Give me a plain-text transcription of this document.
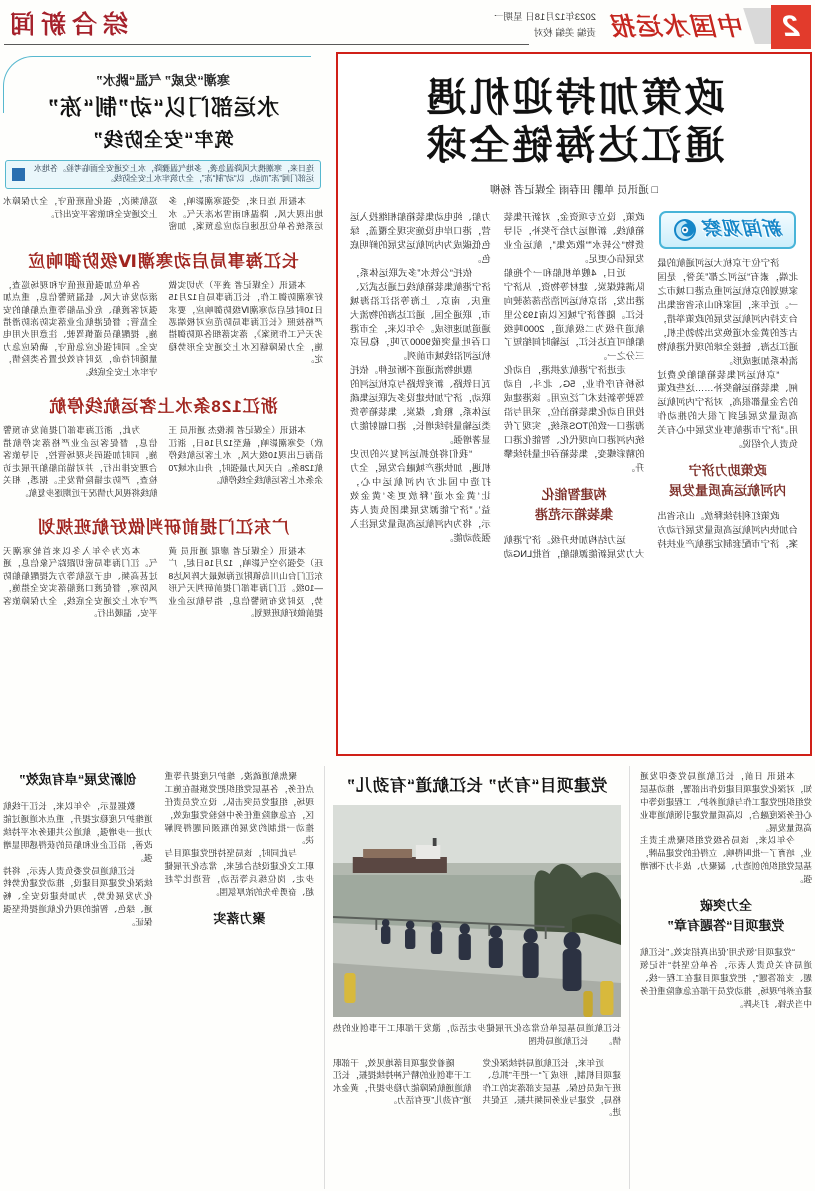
2
中国水运报
2023年12月18日 星期一
责编 美编 校对
综合新闻
政策加持迎机遇
通江达海链全球
□ 通讯员 单鹏 田春雨 全媒记者 杨柳
新闻观察

济宁位于京杭大运河通航的最北端，素有“运河之都”美誉，是国家规划的京杭运河重点港口城市之一。近年来，国家和山东省密集出台支持内河航运发展的政策举措，古老的黄金水道焕发出勃勃生机，通江达海、链接全球的现代港航物流体系加速成形。

“京杭运河集装箱船舶免费过闸、集装箱运输奖补……这些政策的含金量都很高，对济宁内河航运高质量发展起到了很大的推动作用。”济宁市港航事业发展中心有关负责人介绍说。

政策助力济宁
内河航运高质量发展

政策红利持续释放。山东省出台加快内河航运高质量发展行动方案，济宁市配套制定港航产业扶持政策，设立专项资金，对新开集装箱航线、新增运力给予奖补，引导货物“公转水”“散改集”，航运企业发展信心更足。

近日，4艘单机船和一个拖船队满载煤炭、建材等物资，从济宁港出发，沿京杭运河浩浩荡荡驶向长江。随着济宁城区以南193公里航道升级为二级航道，2000吨级船舶可直达长江，运输时间缩短了三分之一。

走进济宁港航龙拱港，自动化场桥有序作业，5G、北斗、自动驾驶等新技术广泛应用。该港建成投用自动化集装箱泊位，采用与沿海港口一致的TOS系统，实现了传统内河港口向现代化、智能化港口的精彩蝶变，集装箱吞吐量持续攀升。

构建智能化
集装箱示范港

运力结构加快升级。济宁港航大力发展新能源船舶，首批LNG动力船、纯电动集装箱船相继投入运营，港口岸电设施实现全覆盖，绿色低碳成为内河航运发展的鲜明底色。

依托“公铁水”多式联运体系，济宁港航集装箱航线已通达武汉、重庆、南京、上海等沿江沿海城市，联通全国、通江达海的物流大通道加速形成。今年以来，全市港口吞吐量突破9000万吨，稳居京杭运河沿线城市前列。

腹地物流通道不断延伸。依托瓦日铁路、新兖铁路与京杭运河的联动，济宁加快建设多式联运集疏运体系，粮食、煤炭、集装箱等货类运输量持续增长，港口辐射能力显著增强。

“我们将抢抓运河复兴的历史机遇，加快港产城融合发展，全力打造中国北方内河航运中心，让‘黄金水道’释放更多‘黄金效益’。”济宁能源发展集团负责人表示，将为内河航运高质量发展注入强劲动能。

寒潮“发威” 气温“跳水”
水运部门以“动”制“冻”
筑牢“安全防线”
连日来，寒潮携大风降温急袭，多地气温骤降，水上交通安全面临考验。各地水运部门闻“冻”而动、以“动”制“冻”，全力筑牢水上安全防线。

本报讯 连日来，受强寒潮影响，多地出现大风、降温和雨雪冰冻天气。水运系统各单位迅速启动应急预案，加密巡航频次，强化值班值守，全力保障水上交通安全和旅客平安出行。

长江海事局启动寒潮Ⅳ级防御响应

本报讯（全媒记者 龚平）为切实做好寒潮防御工作，长江海事局自12月15日10时起启动寒潮Ⅳ级防御响应，要求严格按照《长江海事局防范应对极端恶劣天气工作预案》，落实落细各项防御措施，全力保障辖区水上交通安全形势稳定。

各单位加强值班值守和现场巡查，滚动发布大风、低温预警信息，重点加强对客渡船、危化品船等重点船舶的安全监管；督促港航企业落实防冻防滑措施，提醒船员谨慎驾驶、注意用火用电安全。同时强化应急值守，确保应急力量随时待命，及时有效处置各类险情，守牢水上安全底线。

浙江128条水上客运航线停航

本报讯（全媒记者 陈俊杰 通讯员 王欣）受寒潮影响，截至12月16日，浙江沿海已出现10级大风，水上客运航线停航128条。白天风力最强时，舟山水域70余条水上客运航线全线停航。

为此，浙江海事部门提前发布预警信息，督促客运企业严格落实停航措施，同时加强码头现场管控，引导旅客合理安排出行，并对锚泊船舶开展走访检查，严防走锚险情发生。据悉，相关航线将视风力情况于近期逐步复航。

广东江门提前研判做好航班规划

本报讯（全媒记者 廖琨 通讯员 黄珏）受强冷空气影响，12月16日起，广东江门台山川岛镇附近海域最大阵风达8—10级。江门海事部门提前研判天气形势，及时发布预警信息，指导航运企业提前做好航班规划。

本次为今年入冬以来首轮寒潮天气。江门海事局密切跟踪气象信息，通过甚高频、电子巡航等方式提醒船舶防风防寒，督促渡口渡船落实安全措施，严守水上交通安全底线，全力保障旅客平安、温暖出行。

本报讯 日前，长江航道局党委印发通知，对深化党建项目建设作出部署，推动基层党组织把党建工作与航道养护、工程建设等中心任务深度融合，以高质量党建引领航道事业高质量发展。

今年以来，该局各级党组织聚焦主责主业，培育了一批叫得响、立得住的党建品牌，基层党组织的创造力、凝聚力、战斗力不断增强。

全力突破
党建项目“答题有章”

“党建项目‘领先用’促出真招实效。”长江航道局有关负责人表示，各单位坚持“书记领题、支部答题”，把党建项目建在工程一线、建在养护现场，推动党员干部在急难险重任务中当先锋、打头阵。

党建项目“有为” 长江航道“有劲儿”
长江航道局基层单位常态化开展健步走活动，激发干部职工干事创业的热情。 长江航道局供图

近年来，长江航道局持续深化党建项目机制，形成了“一把手”抓总、班子成员包保、基层支部落实的工作格局，党建与业务同频共振、互促共进。

随着党建项目落地见效，干部职工干事创业的精气神持续提振，长江航道通航保障能力稳步提升，黄金水道“有劲儿”更有活力。

聚焦航道疏浚、维护尺度提升等重点任务，各基层党组织把党旗插在施工现场，组建党员突击队、设立党员责任区，在急难险重任务中检验党建成效，推动一批制约发展的瓶颈问题得到解决。

与此同时，该局坚持把党建项目与职工文化建设结合起来，常态化开展健步走、岗位练兵等活动，营造比学赶超、奋勇争先的浓厚氛围。

聚力落实
创新发展“卓有成效”

数据显示，今年以来，长江干线航道维护尺度稳定提升，重点水道通过能力进一步增强，航道公共服务水平持续改善，沿江企业和船员的获得感明显增强。

长江航道局党委负责人表示，将持续深化党建项目建设，推动党建优势转化为发展优势，为加快建设安全、畅通、绿色、智能的现代化航道提供坚强保证。
